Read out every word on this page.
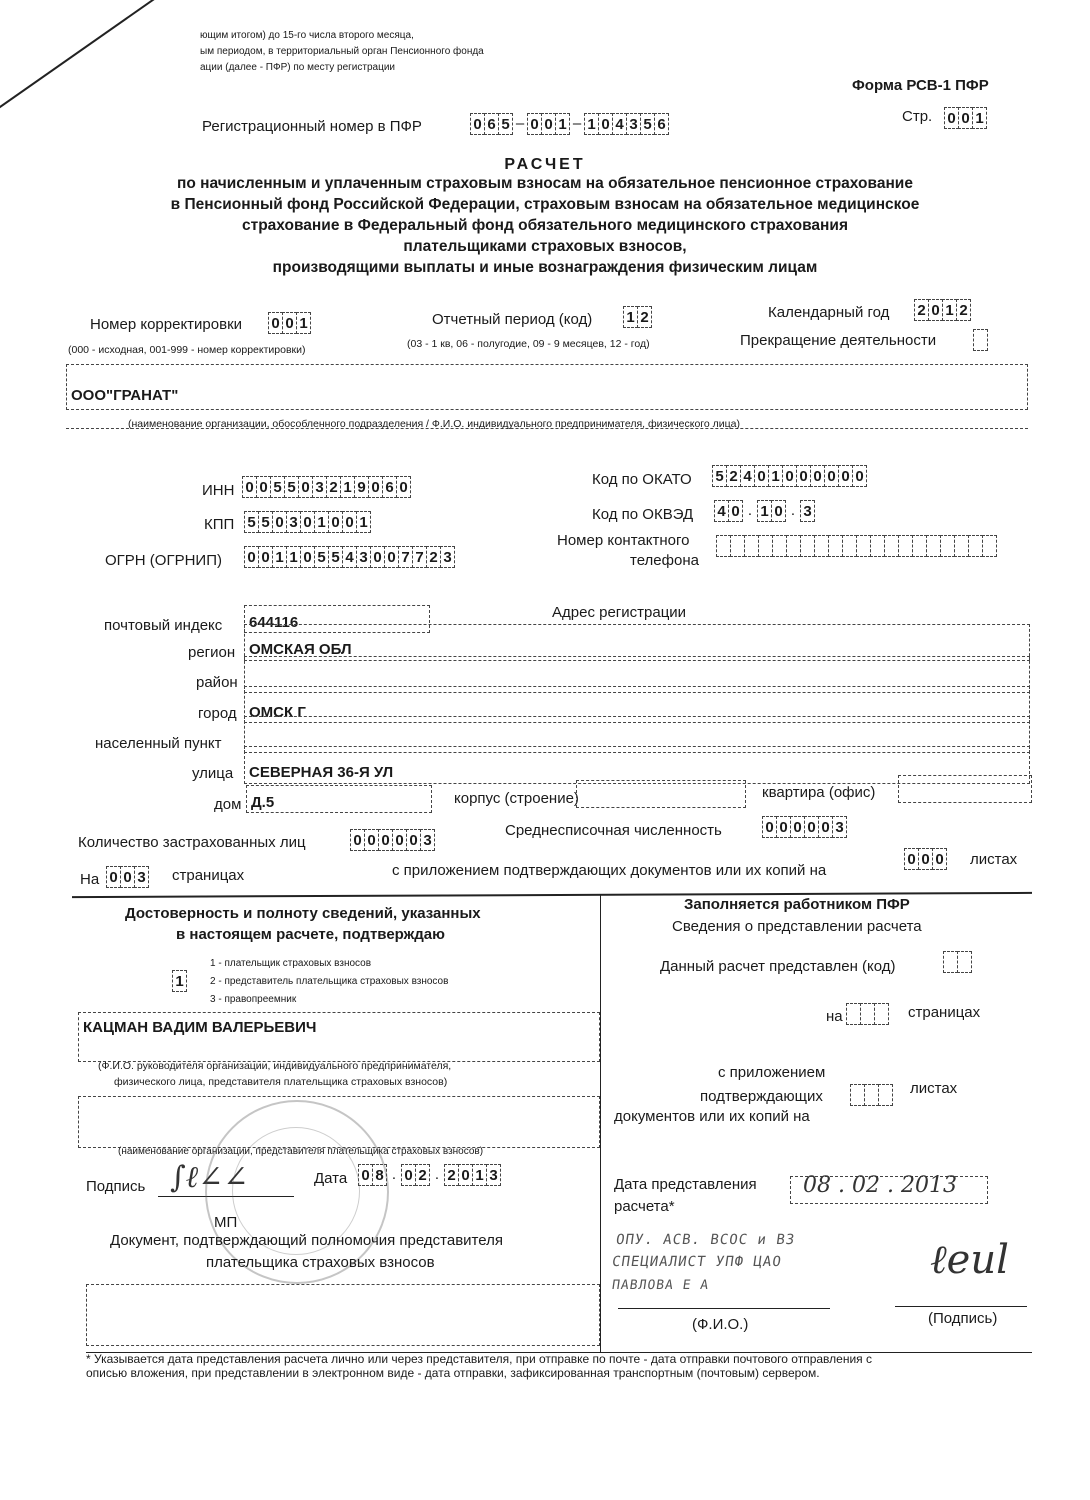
ющим итогом) до 15-го числа второго месяца,
ым периодом, в территориальный орган Пенсионного фонда
ации (далее - ПФР) по месту регистрации
Форма РСВ-1 ПФР
Регистрационный номер в ПФР	0 6 5 – 0 0 1 – 1 0 4 3 5 6	Стр. 0 0 1
РАСЧЕТ
по начисленным и уплаченным страховым взносам на обязательное пенсионное страхование
в Пенсионный фонд Российской Федерации, страховым взносам на обязательное медицинское
страхование в Федеральный фонд обязательного медицинского страхования
плательщиками страховых взносов,
производящими выплаты и иные вознаграждения физическим лицам
Номер корректировки 0 0 1
(000 - исходная, 001-999 - номер корректировки)
Отчетный период (код) 1 2
(03 - 1 кв, 06 - полугодие, 09 - 9 месяцев, 12 - год)
Календарный год 2 0 1 2
Прекращение деятельности
ООО"ГРАНАТ"
(наименование организации, обособленного подразделения / Ф.И.О. индивидуального предпринимателя, физического лица)
ИНН 0 0 5 5 0 3 2 1 9 0 6 0
КПП 5 5 0 3 0 1 0 0 1
ОГРН (ОГРНИП) 0 0 1 1 0 5 5 4 3 0 0 7 7 2 3
Код по ОКАТО 5 2 4 0 1 0 0 0 0 0 0
Код по ОКВЭД 4 0 . 1 0 . 3
Номер контактного
телефона
Адрес регистрации
почтовый индекс	644116
регион ОМСКАЯ ОБЛ
район
город ОМСК Г
населенный пункт
улица	СЕВЕРНАЯ 36-Я УЛ
дом Д.5	корпус (строение)	квартира (офис)
Количество застрахованных лиц	0 0 0 0 0 3
Среднесписочная численность	0 0 0 0 0 3
На 0 0 3 страницах	с приложением подтверждающих документов или их копий на
0 0 0 листах
Достоверность и полноту сведений, указанных
в настоящем расчете, подтверждаю
1
1 - плательщик страховых взносов
2 - представитель плательщика страховых взносов
3 - правопреемник
КАЦМАН ВАДИМ ВАЛЕРЬЕВИЧ
(Ф.И.О. руководителя организации, индивидуального предпринимателя,
физического лица, представителя плательщика страховых взносов)
(наименование организации, представителя плательщика страховых взносов)
Подпись ∫ℓ∠∠	Дата 0 8 . 0 2 . 2 0 1 3
МП
Документ, подтверждающий полномочия представителя
плательщика страховых взносов
Заполняется работником ПФР
Сведения о представлении расчета
Данный расчет представлен (код)
на	страницах
с приложением
подтверждающих
документов или их копий на
листах
Дата представления
расчета*
08 . 02 . 2013
ОПУ. АСВ. ВСОС и ВЗ
СПЕЦИАЛИСТ УПФ ЦАО
ПАВЛОВА Е А
ℓeul
(Ф.И.О.)	(Подпись)
* Указывается дата представления расчета лично или через представителя, при отправке по почте - дата отправки почтового отправления с
описью вложения, при представлении в электронном виде - дата отправки, зафиксированная транспортным (почтовым) сервером.
